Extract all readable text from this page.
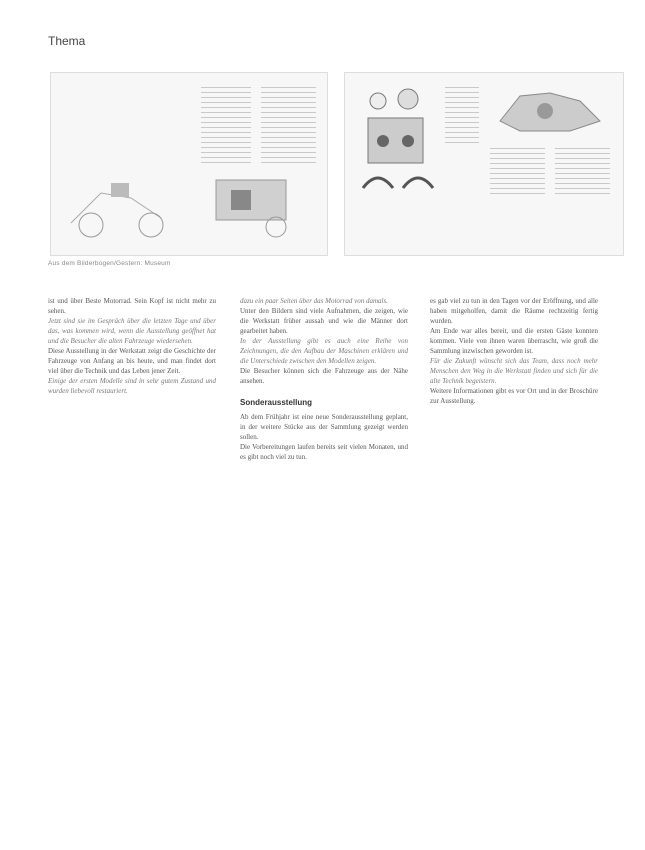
Thema
Aus dem Bilderbogen/Gestern: Museum

ist und über Beste Motorrad. Sein Kopf ist nicht mehr zu sehen.

Jetzt sind sie im Gespräch über die letzten Tage und über das, was kommen wird, wenn die Ausstellung geöffnet hat und die Besucher die alten Fahrzeuge wiedersehen.

Diese Ausstellung in der Werkstatt zeigt die Geschichte der Fahrzeuge von Anfang an bis heute, und man findet dort viel über die Technik und das Leben jener Zeit.

Einige der ersten Modelle sind in sehr gutem Zustand und wurden liebevoll restauriert.

dazu ein paar Seiten über das Motorrad von damals.

Unter den Bildern sind viele Aufnahmen, die zeigen, wie die Werkstatt früher aussah und wie die Männer dort gearbeitet haben.

In der Ausstellung gibt es auch eine Reihe von Zeichnungen, die den Aufbau der Maschinen erklären und die Unterschiede zwischen den Modellen zeigen.

Die Besucher können sich die Fahrzeuge aus der Nähe ansehen.

Sonderausstellung

Ab dem Frühjahr ist eine neue Sonderausstellung geplant, in der weitere Stücke aus der Sammlung gezeigt werden sollen.

Die Vorbereitungen laufen bereits seit vielen Monaten, und es gibt noch viel zu tun.

es gab viel zu tun in den Tagen vor der Eröffnung, und alle haben mitgeholfen, damit die Räume rechtzeitig fertig wurden.

Am Ende war alles bereit, und die ersten Gäste konnten kommen. Viele von ihnen waren überrascht, wie groß die Sammlung inzwischen geworden ist.

Für die Zukunft wünscht sich das Team, dass noch mehr Menschen den Weg in die Werkstatt finden und sich für die alte Technik begeistern.

Weitere Informationen gibt es vor Ort und in der Broschüre zur Ausstellung.
